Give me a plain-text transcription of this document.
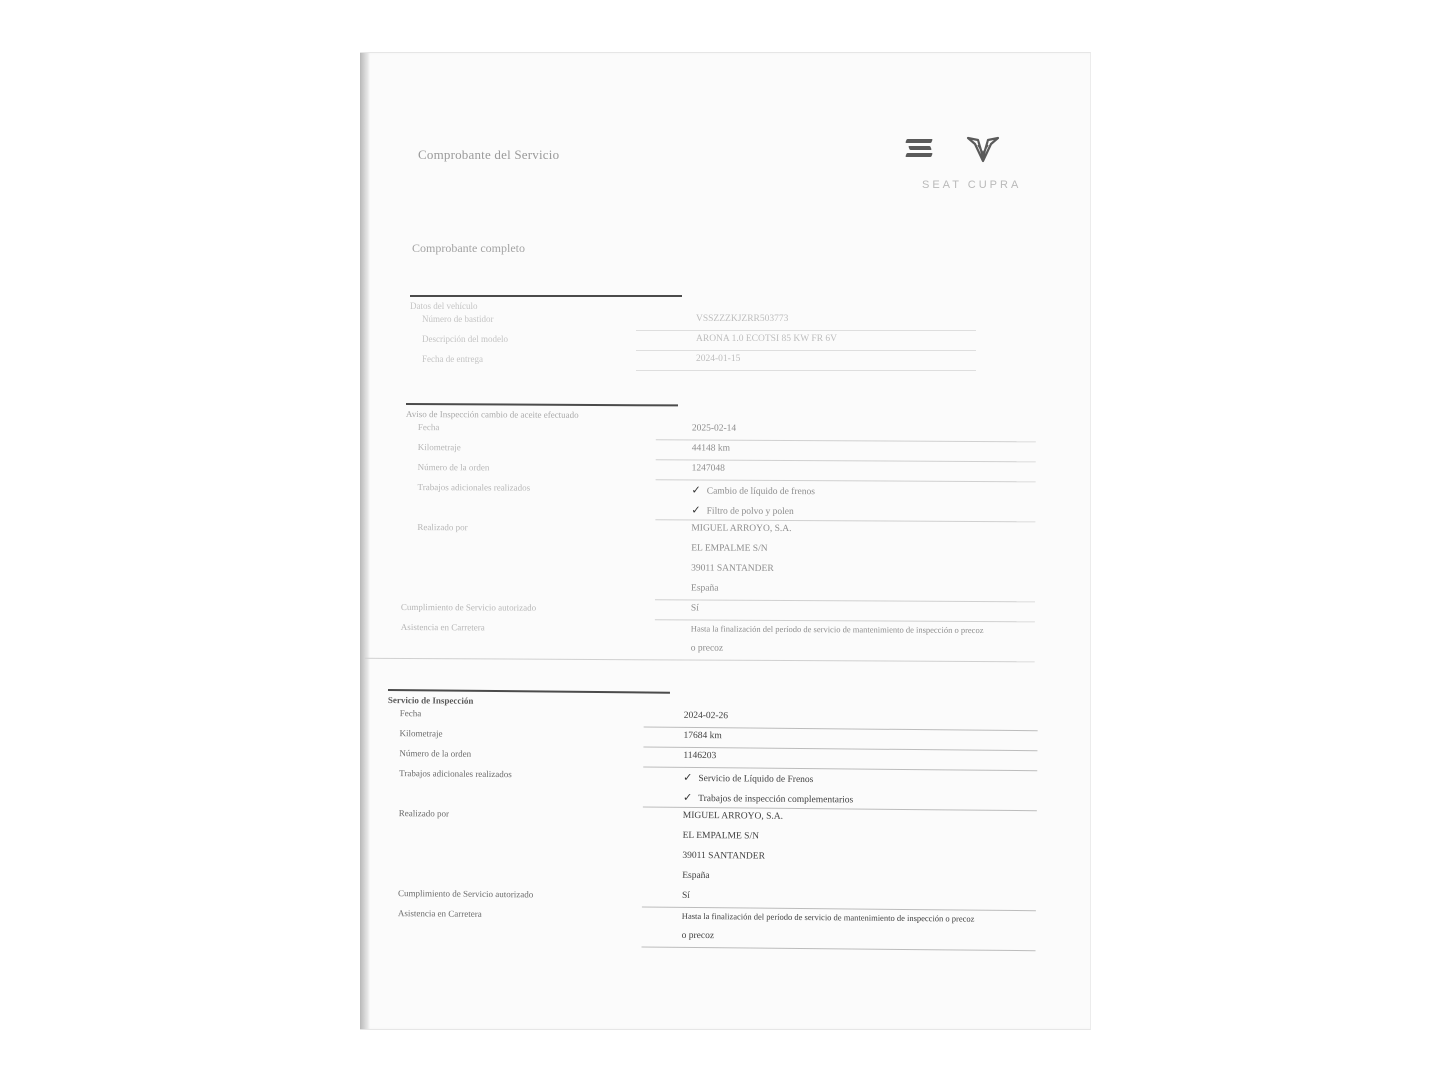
Comprobante del Servicio
SEAT CUPRA
Comprobante completo
Datos del vehículo
Número de bastidor	VSSZZZKJZRR503773
Descripción del modelo	ARONA 1.0 ECOTSI 85 KW FR 6V
Fecha de entrega	2024-01-15
Aviso de Inspección cambio de aceite efectuado
Fecha	2025-02-14
Kilometraje	44148 km
Número de la orden	1247048
Trabajos adicionales realizados	✓ Cambio de líquido de frenos
✓ Filtro de polvo y polen
Realizado por	MIGUEL ARROYO, S.A.
EL EMPALME S/N
39011 SANTANDER
España
Cumplimiento de Servicio autorizado	Sí
Asistencia en Carretera	Hasta la finalización del período de servicio de mantenimiento de inspección o precoz
o precoz
Servicio de Inspección
Fecha	2024-02-26
Kilometraje	17684 km
Número de la orden	1146203
Trabajos adicionales realizados	✓ Servicio de Líquido de Frenos
✓ Trabajos de inspección complementarios
Realizado por	MIGUEL ARROYO, S.A.
EL EMPALME S/N
39011 SANTANDER
España
Cumplimiento de Servicio autorizado	Sí
Asistencia en Carretera	Hasta la finalización del período de servicio de mantenimiento de inspección o precoz
o precoz
